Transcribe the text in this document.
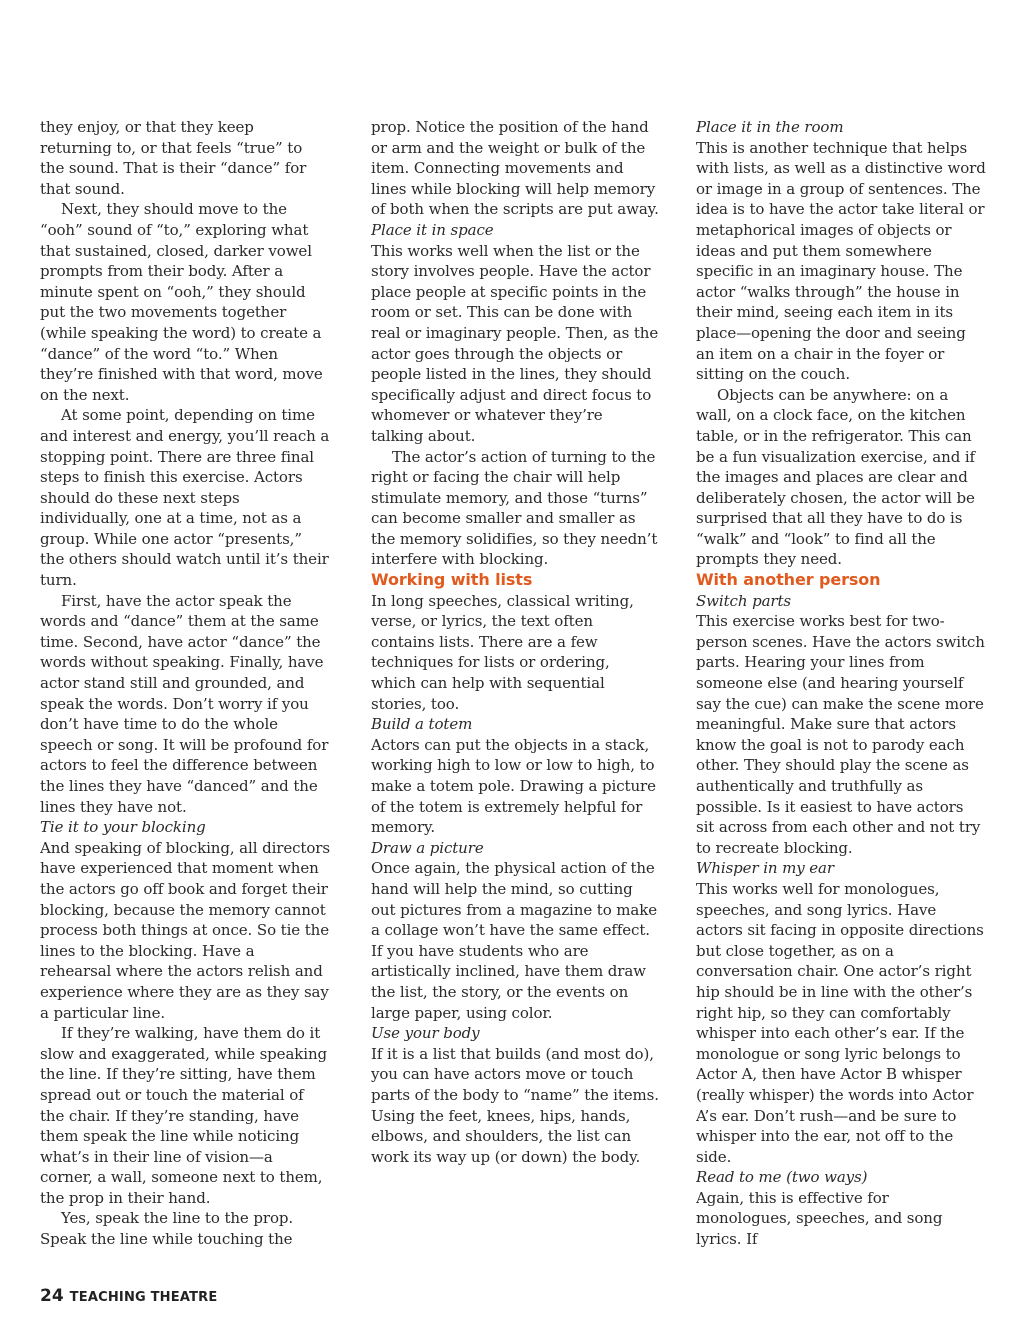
they enjoy, or that they keep returning to, or that feels “true” to the sound. That is their “dance” for that sound.

Next, they should move to the “ooh” sound of “to,” exploring what that sustained, closed, darker vowel prompts from their body. After a minute spent on “ooh,” they should put the two movements together (while speaking the word) to create a “dance” of the word “to.” When they’re finished with that word, move on the next.

At some point, depending on time and interest and energy, you’ll reach a stopping point. There are three final steps to finish this exercise. Actors should do these next steps individually, one at a time, not as a group. While one actor “presents,” the others should watch until it’s their turn.

First, have the actor speak the words and “dance” them at the same time. Second, have actor “dance” the words without speaking. Finally, have actor stand still and grounded, and speak the words. Don’t worry if you don’t have time to do the whole speech or song. It will be profound for actors to feel the difference between the lines they have “danced” and the lines they have not.

Tie it to your blocking

And speaking of blocking, all directors have experienced that moment when the actors go off book and forget their blocking, because the memory cannot process both things at once. So tie the lines to the blocking. Have a rehearsal where the actors relish and experience where they are as they say a particular line.

If they’re walking, have them do it slow and exaggerated, while speaking the line. If they’re sitting, have them spread out or touch the material of the chair. If they’re standing, have them speak the line while noticing what’s in their line of vision—a corner, a wall, someone next to them, the prop in their hand.

Yes, speak the line to the prop. Speak the line while touching the

prop. Notice the position of the hand or arm and the weight or bulk of the item. Connecting movements and lines while blocking will help memory of both when the scripts are put away.

Place it in space

This works well when the list or the story involves people. Have the actor place people at specific points in the room or set. This can be done with real or imaginary people. Then, as the actor goes through the objects or people listed in the lines, they should specifically adjust and direct focus to whomever or whatever they’re talking about.

The actor’s action of turning to the right or facing the chair will help stimulate memory, and those “turns” can become smaller and smaller as the memory solidifies, so they needn’t interfere with blocking.

Working with lists

In long speeches, classical writing, verse, or lyrics, the text often contains lists. There are a few techniques for lists or ordering, which can help with sequential stories, too.

Build a totem

Actors can put the objects in a stack, working high to low or low to high, to make a totem pole. Drawing a picture of the totem is extremely helpful for memory.

Draw a picture

Once again, the physical action of the hand will help the mind, so cutting out pictures from a magazine to make a collage won’t have the same effect. If you have students who are artistically inclined, have them draw the list, the story, or the events on large paper, using color.

Use your body

If it is a list that builds (and most do), you can have actors move or touch parts of the body to “name” the items. Using the feet, knees, hips, hands, elbows, and shoulders, the list can work its way up (or down) the body.

Place it in the room

This is another technique that helps with lists, as well as a distinctive word or image in a group of sentences. The idea is to have the actor take literal or metaphorical images of objects or ideas and put them somewhere specific in an imaginary house. The actor “walks through” the house in their mind, seeing each item in its place—opening the door and seeing an item on a chair in the foyer or sitting on the couch.

Objects can be anywhere: on a wall, on a clock face, on the kitchen table, or in the refrigerator. This can be a fun visualization exercise, and if the images and places are clear and deliberately chosen, the actor will be surprised that all they have to do is “walk” and “look” to find all the prompts they need.

With another person

Switch parts

This exercise works best for two-person scenes. Have the actors switch parts. Hearing your lines from someone else (and hearing yourself say the cue) can make the scene more meaningful. Make sure that actors know the goal is not to parody each other. They should play the scene as authentically and truthfully as possible. Is it easiest to have actors sit across from each other and not try to recreate blocking.

Whisper in my ear

This works well for monologues, speeches, and song lyrics. Have actors sit facing in opposite directions but close together, as on a conversation chair. One actor’s right hip should be in line with the other’s right hip, so they can comfortably whisper into each other’s ear. If the monologue or song lyric belongs to Actor A, then have Actor B whisper (really whisper) the words into Actor A’s ear. Don’t rush—and be sure to whisper into the ear, not off to the side.

Read to me (two ways)

Again, this is effective for monologues, speeches, and song lyrics. If

24 TEACHING THEATRE
